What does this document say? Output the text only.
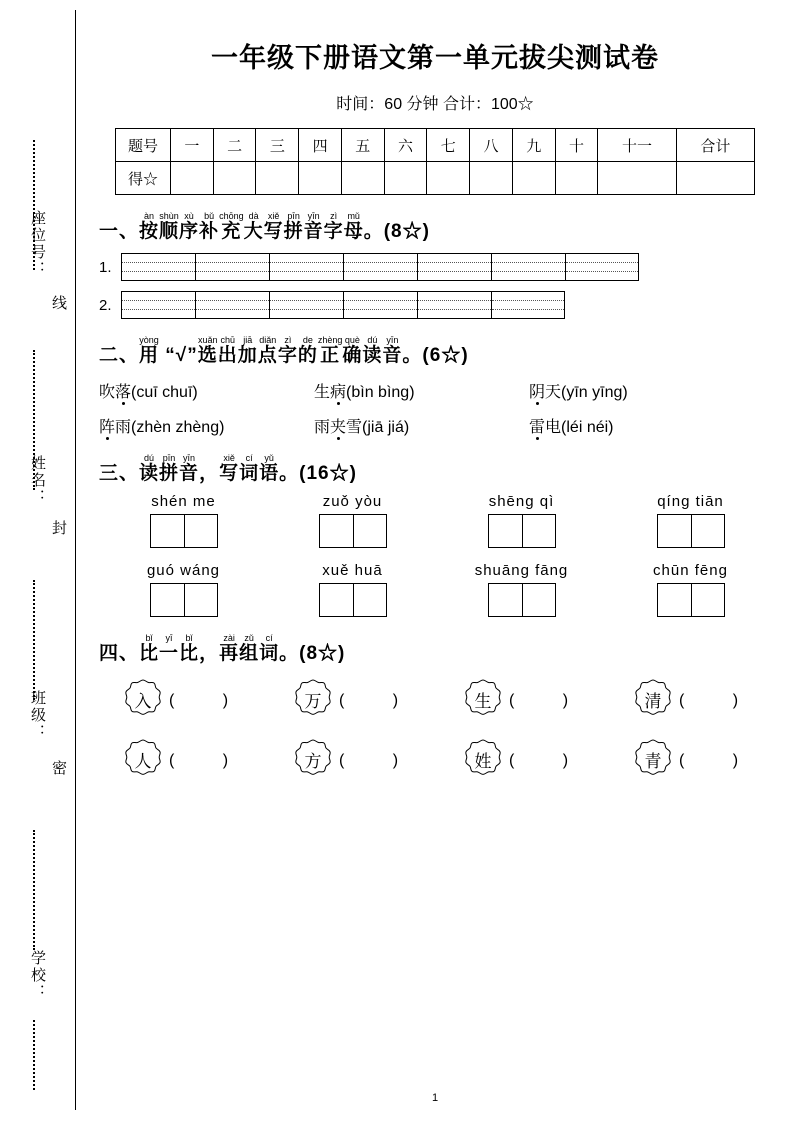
座位号：
姓名：
班级：
学校：
线
封
密
一年级下册语文第一单元拔尖测试卷
时间：60 分钟 合计：100☆
题号	一	二	三	四	五	六	七	八	九	十	十一	合计
得☆												
一、
àn
按
shùn
顺
xù
序
bǔ
补
chōng
充
dà
大
xiě
写
pīn
拼
yīn
音
zì
字
mǔ
母 。(8☆)
1.
2.
二、
yòng
用 “√”
xuǎn
选
chū
出
jiā
加
diǎn
点
zì
字
de
的
zhèng
正
què
确
dú
读
yīn
音 。(6☆)
吹落(cuī chuī)	生病(bìn bìng)	阴天(yīn yīng)
阵雨(zhèn zhèng)	雨夹雪(jiā jiá)	雷电(léi néi)
三、
dú
读
pīn
拼
yīn
音 ，
xiě
写
cí
词
yǔ
语 。(16☆)
shén me	zuǒ yòu	shēng qì	qíng tiān
guó wáng	xuě huā	shuāng fāng	chūn fēng
四、
bǐ
比
yī
一
bǐ
比 ，
zài
再
zǔ
组
cí
词 。(8☆)
入 ( )	万 ( )	生 ( )	清 ( )
人 ( )	方 ( )	姓 ( )	青 ( )
1
